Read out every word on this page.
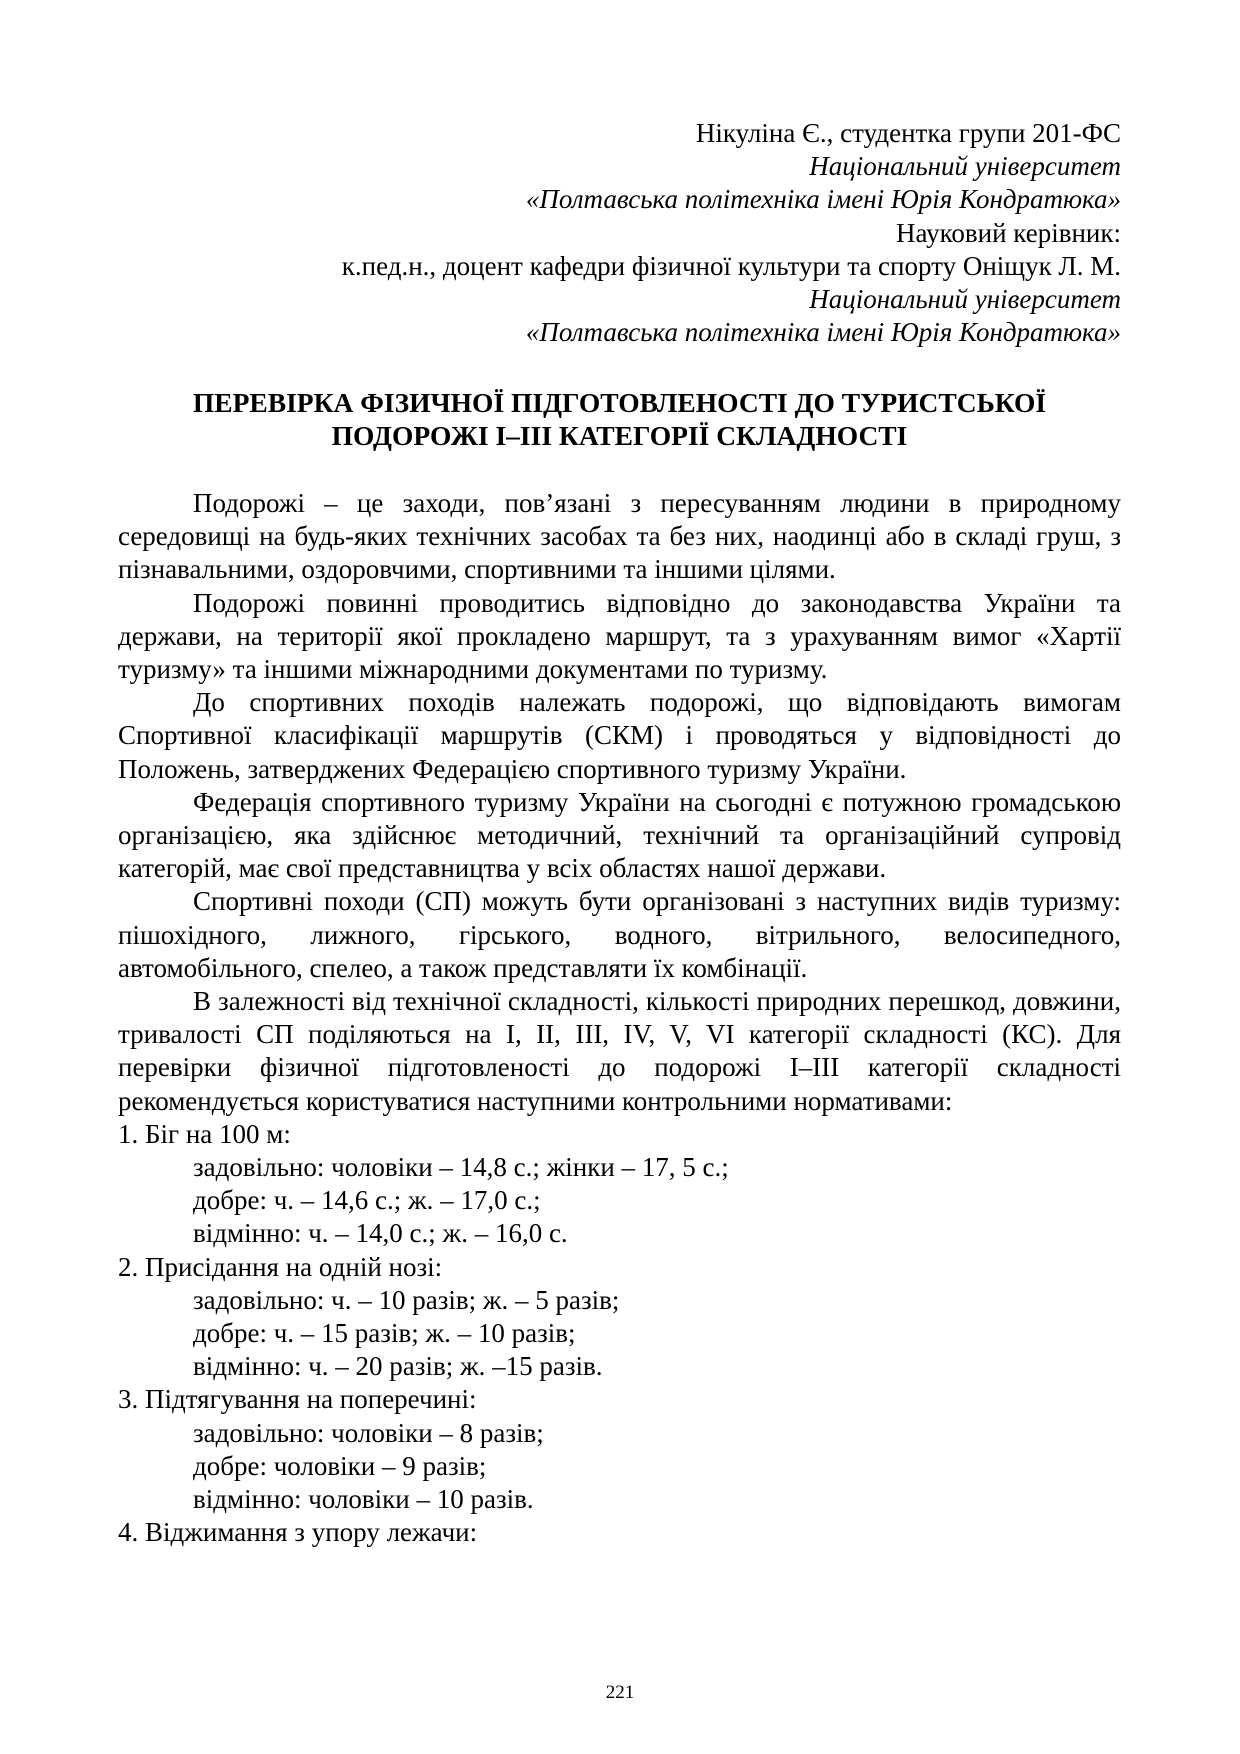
Нікуліна Є., студентка групи 201-ФС
Національний університет
«Полтавська політехніка імені Юрія Кондратюка»
Науковий керівник:
к.пед.н., доцент кафедри фізичної культури та спорту Оніщук Л. М.
Національний університет
«Полтавська політехніка імені Юрія Кондратюка»
ПЕРЕВІРКА ФІЗИЧНОЇ ПІДГОТОВЛЕНОСТІ ДО ТУРИСТСЬКОЇ
ПОДОРОЖІ І–ІІІ КАТЕГОРІЇ СКЛАДНОСТІ

Подорожі – це заходи, пов’язані з пересуванням людини в природному середовищі на будь-яких технічних засобах та без них, наодинці або в складі груш, з пізнавальними, оздоровчими, спортивними та іншими цілями.

Подорожі повинні проводитись відповідно до законодавства України та держави, на території якої прокладено маршрут, та з урахуванням вимог «Хартії туризму» та іншими міжнародними документами по туризму.

До спортивних походів належать подорожі, що відповідають вимогам Спортивної класифікації маршрутів (СКМ) і проводяться у відповідності до Положень, затверджених Федерацією спортивного туризму України.

Федерація спортивного туризму України на сьогодні є потужною громадською організацією, яка здійснює методичний, технічний та організаційний супровід категорій, має свої представництва у всіх областях нашої держави.

Спортивні походи (СП) можуть бути організовані з наступних видів туризму: пішохідного, лижного, гірського, водного, вітрильного, велосипедного, автомобільного, спелео, а також представляти їх комбінації.

В залежності від технічної складності, кількості природних перешкод, довжини, тривалості СП поділяються на І, ІІ, ІІІ, IV, V, VI категорії складності (КС). Для перевірки фізичної підготовленості до подорожі І–ІІІ категорії складності рекомендується користуватися наступними контрольними нормативами:

1. Біг на 100 м:
задовільно: чоловіки – 14,8 с.; жінки – 17, 5 с.;
добре: ч. – 14,6 с.; ж. – 17,0 с.;
відмінно: ч. – 14,0 с.; ж. – 16,0 с.
2. Присідання на одній нозі:
задовільно: ч. – 10 разів; ж. – 5 разів;
добре: ч. – 15 разів; ж. – 10 разів;
відмінно: ч. – 20 разів; ж. –15 разів.
3. Підтягування на поперечині:
задовільно: чоловіки – 8 разів;
добре: чоловіки – 9 разів;
відмінно: чоловіки – 10 разів.
4. Віджимання з упору лежачи:
221
